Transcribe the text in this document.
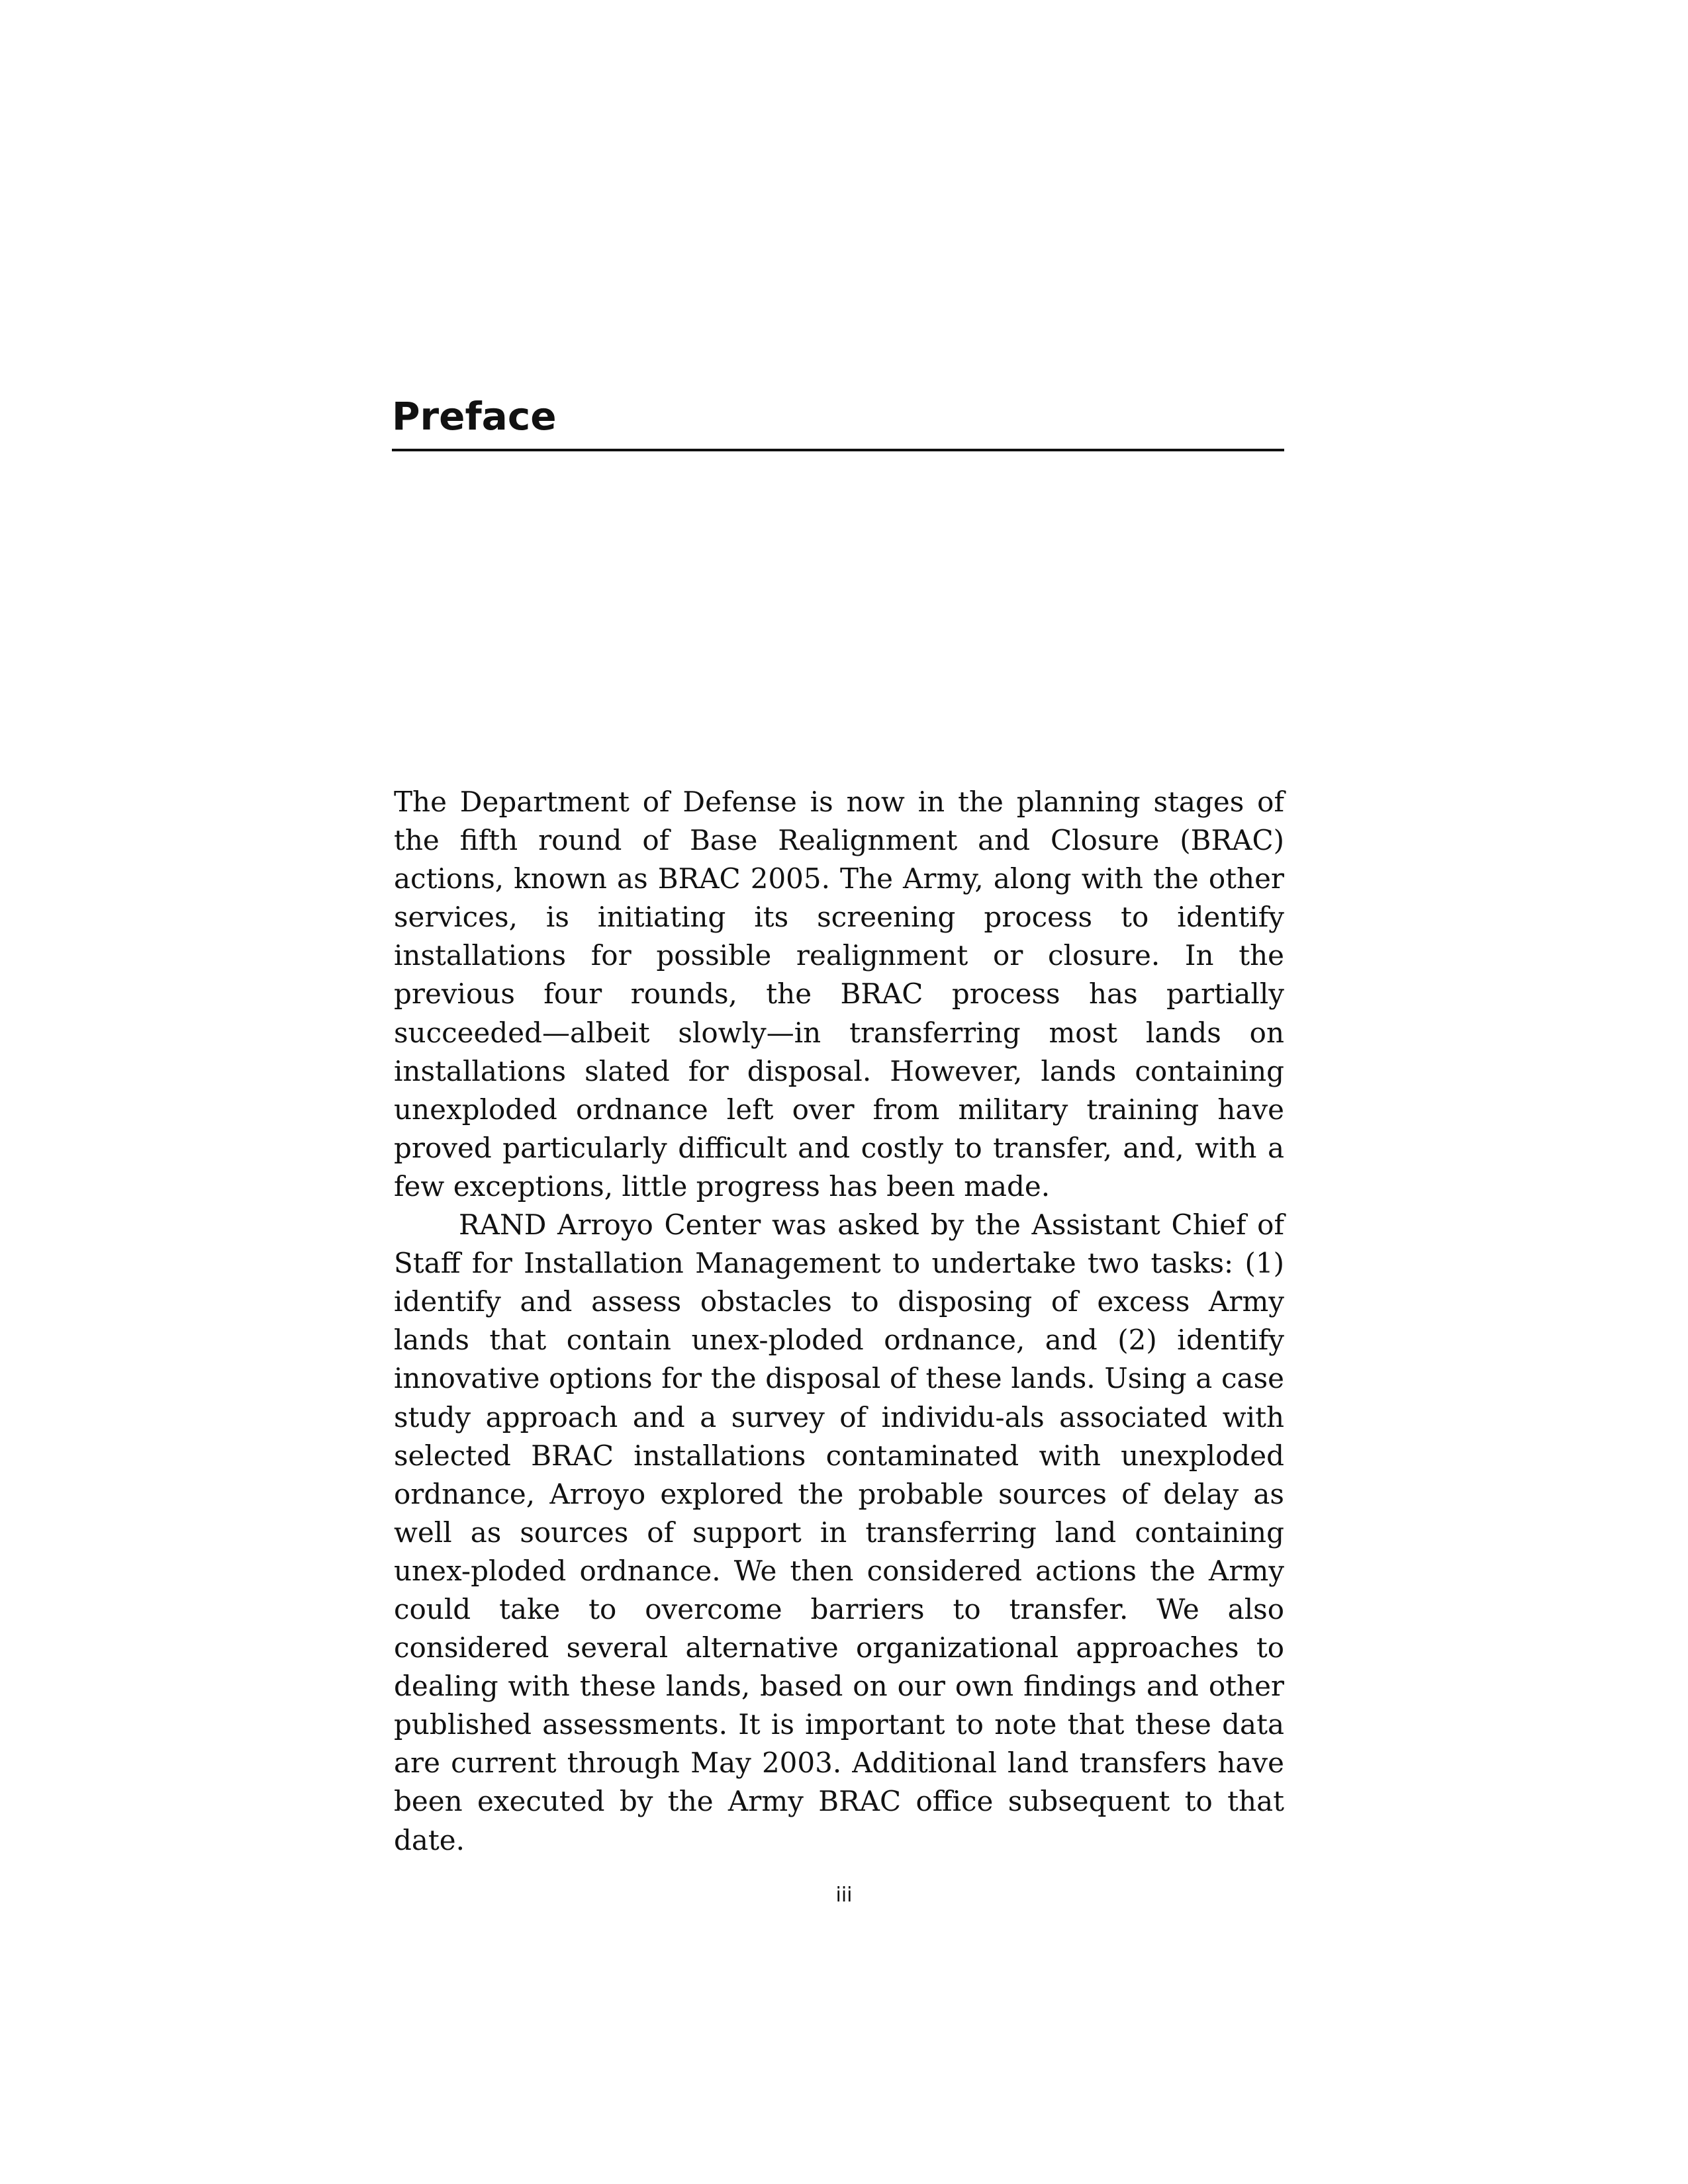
Preface

The Department of Defense is now in the planning stages of the fifth round of Base Realignment and Closure (BRAC) actions, known as BRAC 2005. The Army, along with the other services, is initiating its screening process to identify installations for possible realignment or closure. In the previous four rounds, the BRAC process has partially succeeded—albeit slowly—in transferring most lands on installations slated for disposal. However, lands containing unexploded ordnance left over from military training have proved particularly difficult and costly to transfer, and, with a few exceptions, little progress has been made.

RAND Arroyo Center was asked by the Assistant Chief of Staff for Installation Management to undertake two tasks: (1) identify and assess obstacles to disposing of excess Army lands that contain unex-ploded ordnance, and (2) identify innovative options for the disposal of these lands. Using a case study approach and a survey of individu-als associated with selected BRAC installations contaminated with unexploded ordnance, Arroyo explored the probable sources of delay as well as sources of support in transferring land containing unex-ploded ordnance. We then considered actions the Army could take to overcome barriers to transfer. We also considered several alternative organizational approaches to dealing with these lands, based on our own findings and other published assessments. It is important to note that these data are current through May 2003. Additional land transfers have been executed by the Army BRAC office subsequent to that date.

iii
